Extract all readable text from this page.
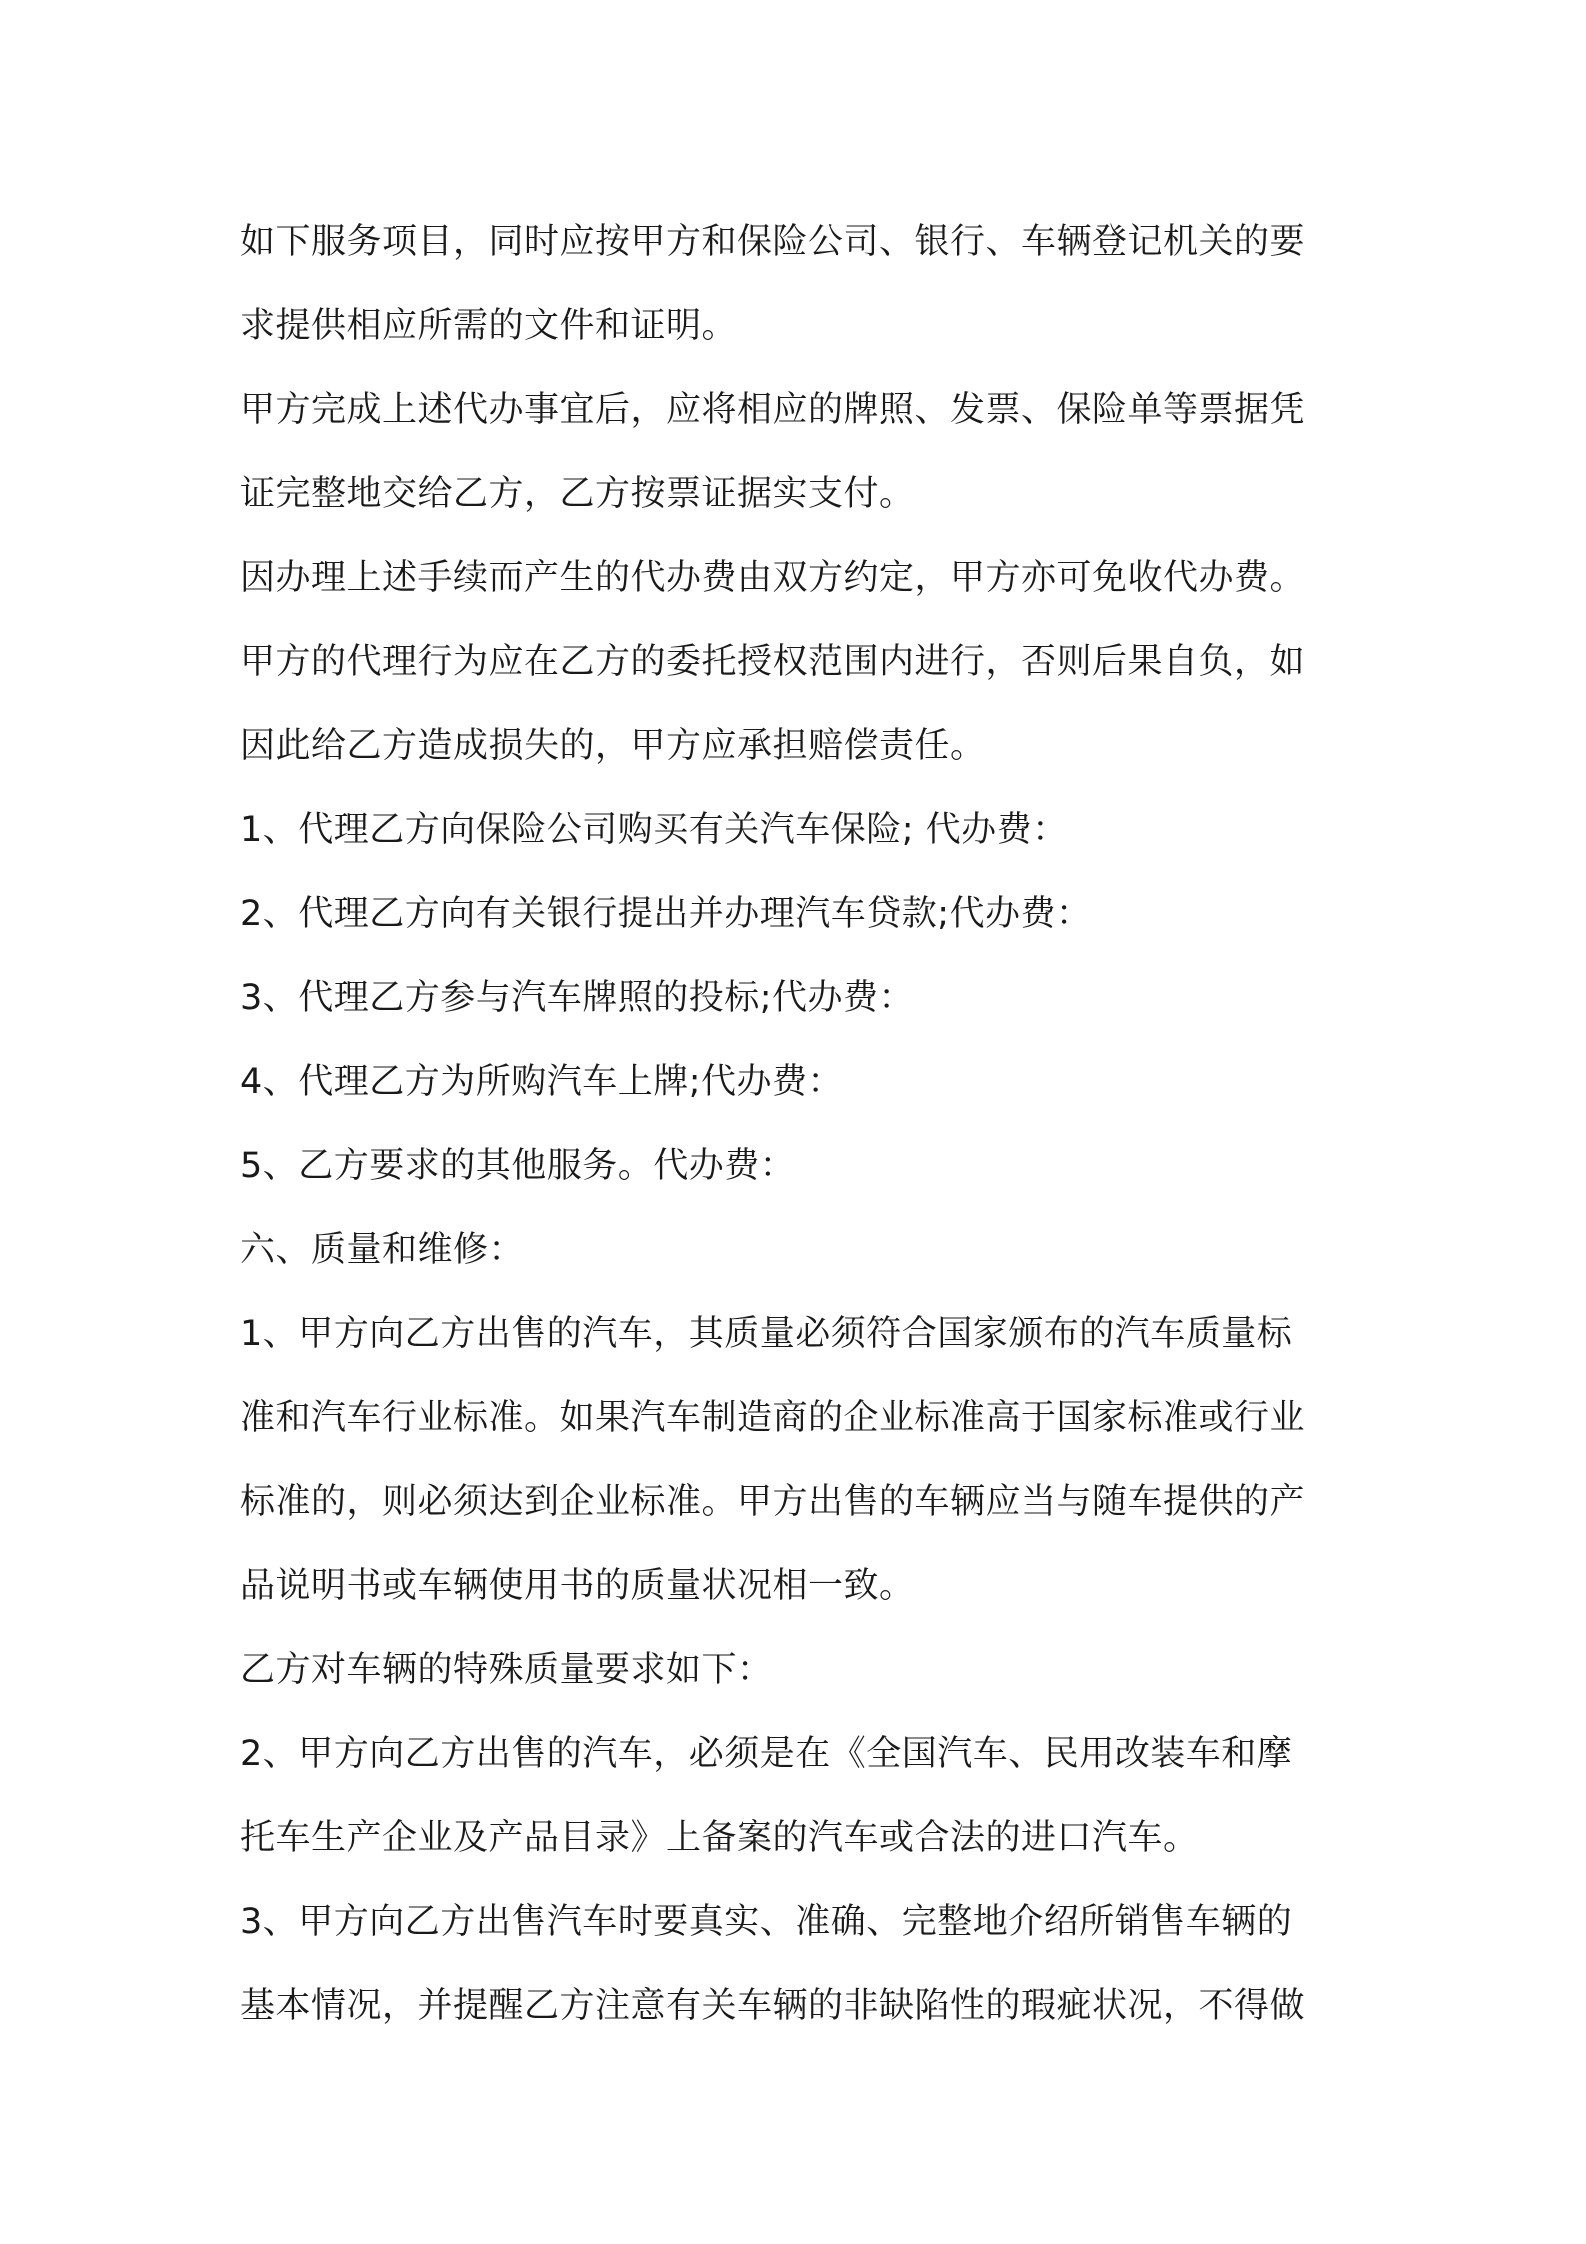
如下服务项目，同时应按甲方和保险公司、银行、车辆登记机关的要
求提供相应所需的文件和证明。
甲方完成上述代办事宜后，应将相应的牌照、发票、保险单等票据凭
证完整地交给乙方，乙方按票证据实支付。
因办理上述手续而产生的代办费由双方约定，甲方亦可免收代办费。
甲方的代理行为应在乙方的委托授权范围内进行，否则后果自负，如
因此给乙方造成损失的，甲方应承担赔偿责任。
1、代理乙方向保险公司购买有关汽车保险; 代办费：
2、代理乙方向有关银行提出并办理汽车贷款;代办费：
3、代理乙方参与汽车牌照的投标;代办费：
4、代理乙方为所购汽车上牌;代办费：
5、乙方要求的其他服务。代办费：
六、质量和维修：
1、甲方向乙方出售的汽车，其质量必须符合国家颁布的汽车质量标
准和汽车行业标准。如果汽车制造商的企业标准高于国家标准或行业
标准的，则必须达到企业标准。甲方出售的车辆应当与随车提供的产
品说明书或车辆使用书的质量状况相一致。
乙方对车辆的特殊质量要求如下：
2、甲方向乙方出售的汽车，必须是在《全国汽车、民用改装车和摩
托车生产企业及产品目录》上备案的汽车或合法的进口汽车。
3、甲方向乙方出售汽车时要真实、准确、完整地介绍所销售车辆的
基本情况，并提醒乙方注意有关车辆的非缺陷性的瑕疵状况，不得做
